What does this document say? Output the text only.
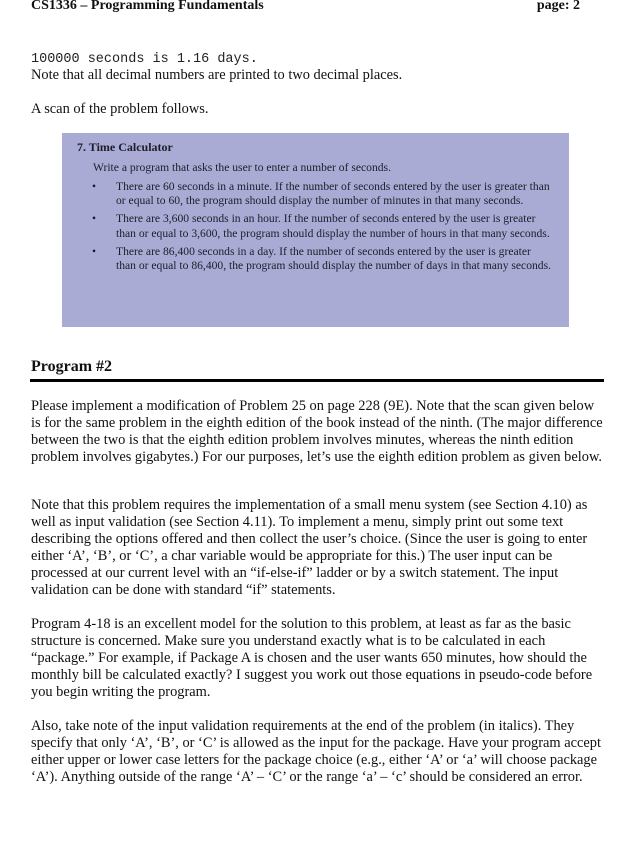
CS1336 – Programming Fundamentals	page: 2
100000 seconds is 1.16 days.

Note that all decimal numbers are printed to two decimal places.

A scan of the problem follows.

7. Time Calculator
Write a program that asks the user to enter a number of seconds.
• There are 60 seconds in a minute. If the number of seconds entered by the user is greater than or equal to 60, the program should display the number of minutes in that many seconds.
• There are 3,600 seconds in an hour. If the number of seconds entered by the user is greater than or equal to 3,600, the program should display the number of hours in that many seconds.
• There are 86,400 seconds in a day. If the number of seconds entered by the user is greater than or equal to 86,400, the program should display the number of days in that many seconds.
Program #2

Please implement a modification of Problem 25 on page 228 (9E). Note that the scan given below is for the same problem in the eighth edition of the book instead of the ninth. (The major difference between the two is that the eighth edition problem involves minutes, whereas the ninth edition problem involves gigabytes.) For our purposes, let’s use the eighth edition problem as given below.

Note that this problem requires the implementation of a small menu system (see Section 4.10) as well as input validation (see Section 4.11). To implement a menu, simply print out some text describing the options offered and then collect the user’s choice. (Since the user is going to enter either ‘A’, ‘B’, or ‘C’, a char variable would be appropriate for this.) The user input can be processed at our current level with an “if-else-if” ladder or by a switch statement. The input validation can be done with standard “if” statements.

Program 4-18 is an excellent model for the solution to this problem, at least as far as the basic structure is concerned. Make sure you understand exactly what is to be calculated in each “package.” For example, if Package A is chosen and the user wants 650 minutes, how should the monthly bill be calculated exactly? I suggest you work out those equations in pseudo-code before you begin writing the program.

Also, take note of the input validation requirements at the end of the problem (in italics). They specify that only ‘A’, ‘B’, or ‘C’ is allowed as the input for the package. Have your program accept either upper or lower case letters for the package choice (e.g., either ‘A’ or ‘a’ will choose package ‘A’). Anything outside of the range ‘A’ – ‘C’ or the range ‘a’ – ‘c’ should be considered an error.
